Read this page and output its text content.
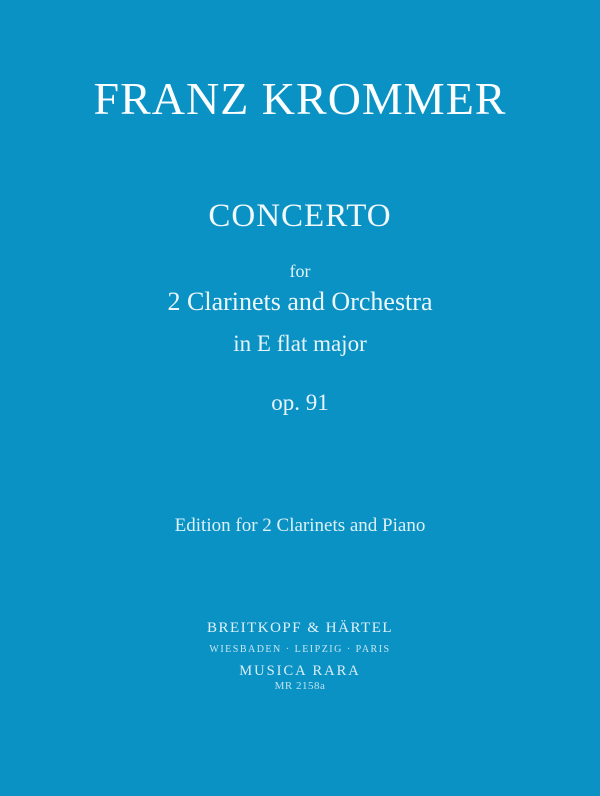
FRANZ KROMMER
CONCERTO
for
2 Clarinets and Orchestra
in E flat major
op. 91
Edition for 2 Clarinets and Piano
BREITKOPF & HÄRTEL
WIESBADEN · LEIPZIG · PARIS
MUSICA RARA
MR 2158a
